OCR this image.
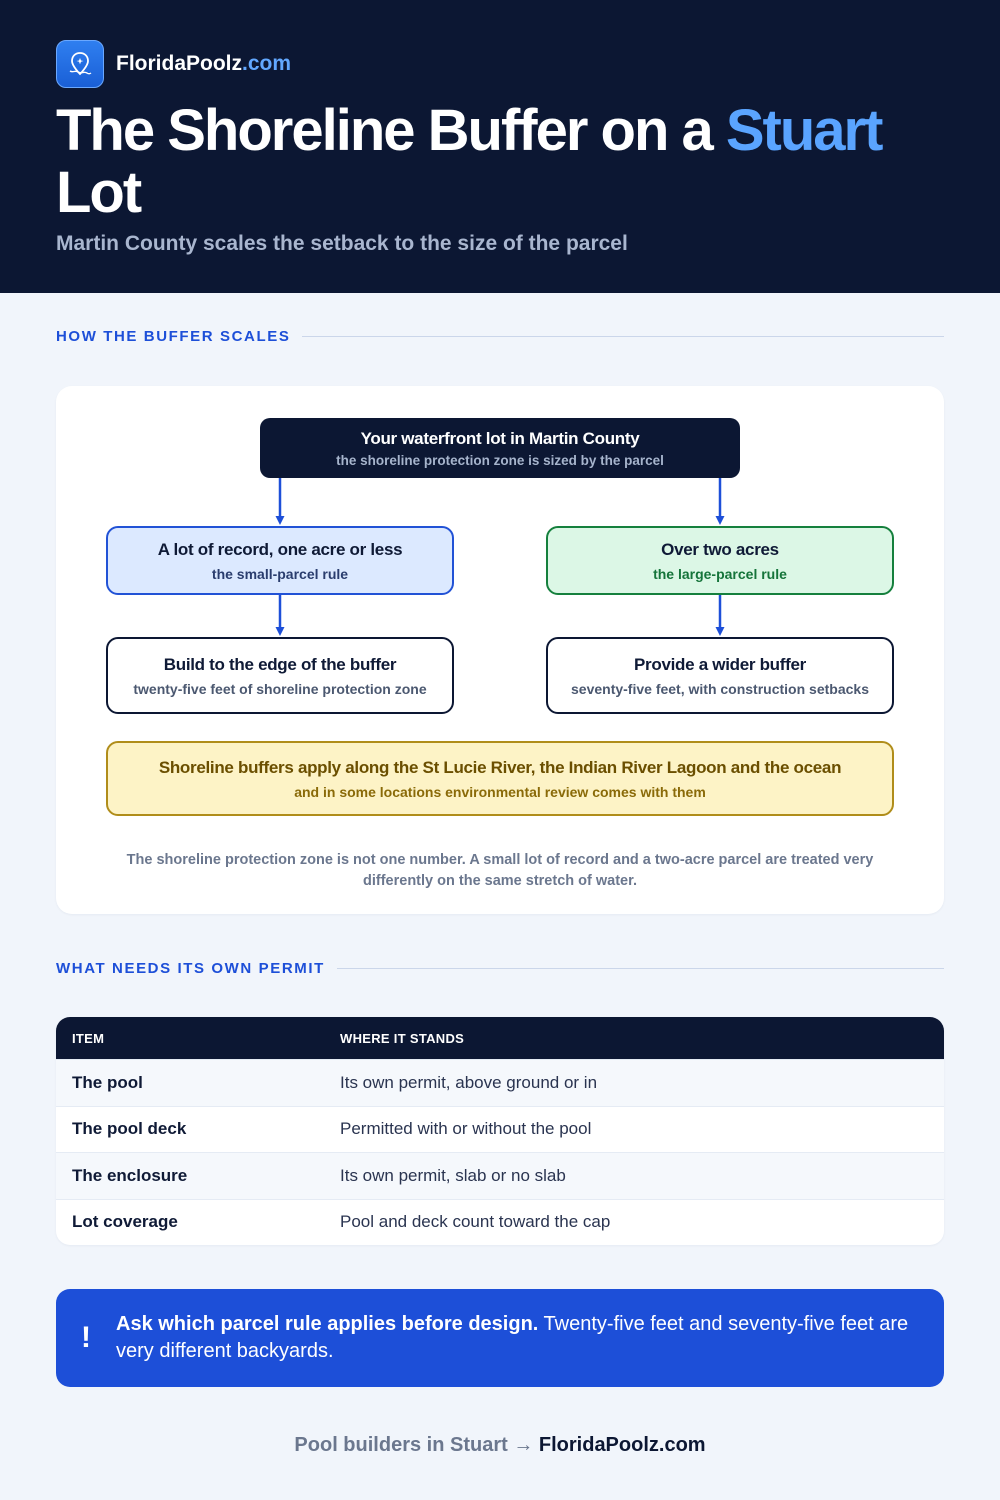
FloridaPoolz.com
The Shoreline Buffer on a Stuart
Lot
Martin County scales the setback to the size of the parcel
HOW THE BUFFER SCALES
Your waterfront lot in Martin County
the shoreline protection zone is sized by the parcel
A lot of record, one acre or less
the small-parcel rule
Over two acres
the large-parcel rule
Build to the edge of the buffer
twenty-five feet of shoreline protection zone
Provide a wider buffer
seventy-five feet, with construction setbacks
Shoreline buffers apply along the St Lucie River, the Indian River Lagoon and the ocean
and in some locations environmental review comes with them

The shoreline protection zone is not one number. A small lot of record and a two-acre parcel are treated very differently on the same stretch of water.

WHAT NEEDS ITS OWN PERMIT
ITEM	WHERE IT STANDS
The pool	Its own permit, above ground or in
The pool deck	Permitted with or without the pool
The enclosure	Its own permit, slab or no slab
Lot coverage	Pool and deck count toward the cap
!	Ask which parcel rule applies before design. Twenty-five feet and seventy-five feet are very different backyards.

Pool builders in Stuart → FloridaPoolz.com
